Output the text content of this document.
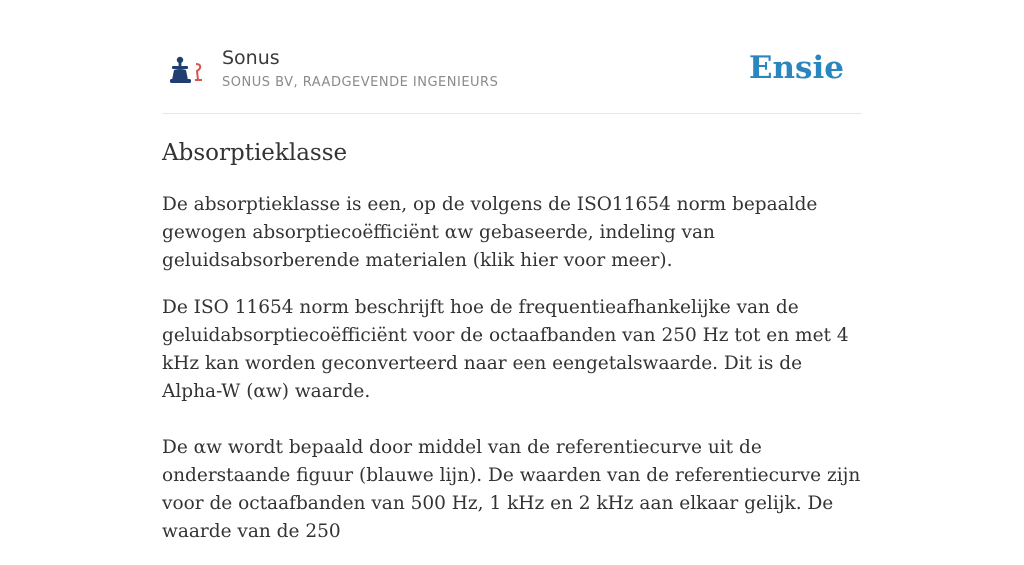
Sonus
SONUS BV, RAADGEVENDE INGENIEURS	Ensie
Absorptieklasse

De absorptieklasse is een, op de volgens de ISO11654 norm bepaalde gewogen absorptiecoëfficiënt αw gebaseerde, indeling van geluidsabsorberende materialen (klik hier voor meer).

De ISO 11654 norm beschrijft hoe de frequentieafhankelijke van de geluidabsorptiecoëfficiënt voor de octaafbanden van 250 Hz tot en met 4 kHz kan worden geconverteerd naar een eengetalswaarde. Dit is de Alpha-W (αw) waarde.

De αw wordt bepaald door middel van de referentiecurve uit de onderstaande figuur (blauwe lijn). De waarden van de referentiecurve zijn voor de octaafbanden van 500 Hz, 1 kHz en 2 kHz aan elkaar gelijk. De waarde van de 250
